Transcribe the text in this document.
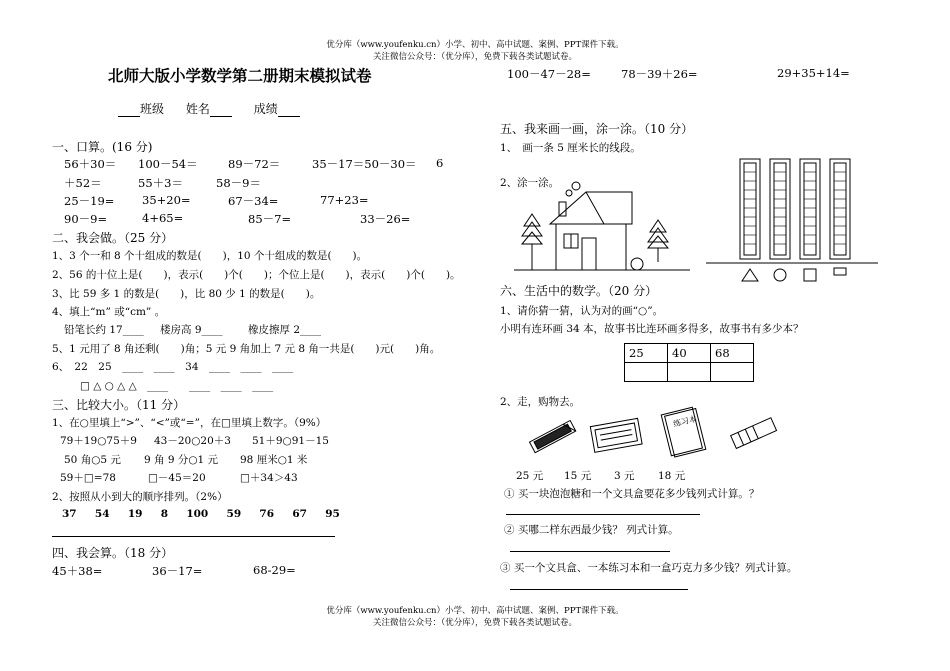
优分库（www.youfenku.cn）小学、初中、高中试题、案例、PPT课件下载。
关注微信公众号：（优分库），免费下载各类试题试卷。
北师大版小学数学第二册期末模拟试卷	100－47－28=	78－39＋26=	29+35+14=
班级 姓名	成绩
一、口算。(16 分)
56＋30＝ 100－54＝	89－72＝	35－17＝50－30＝ 6
＋52＝	55＋3＝	58－9＝
25－19= 35+20=	67－34=	77+23=
90－9=	4+65=	85－7=	33－26=
二、我会做。（25 分）
1、3 个一和 8 个十组成的数是(　　)，10 个十组成的数是(　　)。
2、56 的十位上是(　　)，表示(　　)个(　　)；个位上是(　　)，表示(　　)个(　　)。
3、比 59 多 1 的数是(　　)，比 80 少 1 的数是(　　)。
4、填上“m” 或“cm” 。
铅笔长约 17____ 楼房高 9____ 橡皮擦厚 2____
5、1 元用了 8 角还剩(　　)角；5 元 9 角加上 7 元 8 角一共是(　　)元(　　)角。
6、　22　25　____　____　34　____　____　____
□ △ ○ △ △　____　　____　____　____
三、比较大小。（11 分）
1、在○里填上“>”、“<”或“=”，在□里填上数字。（9%）
79＋19○75＋9 43－20○20＋3 51＋9○91－15
50 角○5 元 9 角 9 分○1 元 98 厘米○1 米
59＋□=78	□－45＝20	□＋34＞43
2、按照从小到大的顺序排列。（2%）
37 54 19 8 100 59 76 67 95
四、我会算。（18 分）
45＋38=	36－17=	68-29=
五、我来画一画，涂一涂。（10 分）
1、　画一条 5 厘米长的线段。
2、涂一涂。
六、生活中的数学。（20 分）
1、请你猜一猜，认为对的画“○”。
小明有连环画 34 本，故事书比连环画多得多，故事书有多少本？
25	40	68

2、走，购物去。
练习本
25 元 15 元 3 元 18 元
① 买一块泡泡糖和一个文具盒要花多少钱列式计算。？
② 买哪二样东西最少钱？ 列式计算。
③ 买一个文具盒、一本练习本和一盒巧克力多少钱？列式计算。
优分库（www.youfenku.cn）小学、初中、高中试题、案例、PPT课件下载。
关注微信公众号：（优分库），免费下载各类试题试卷。
